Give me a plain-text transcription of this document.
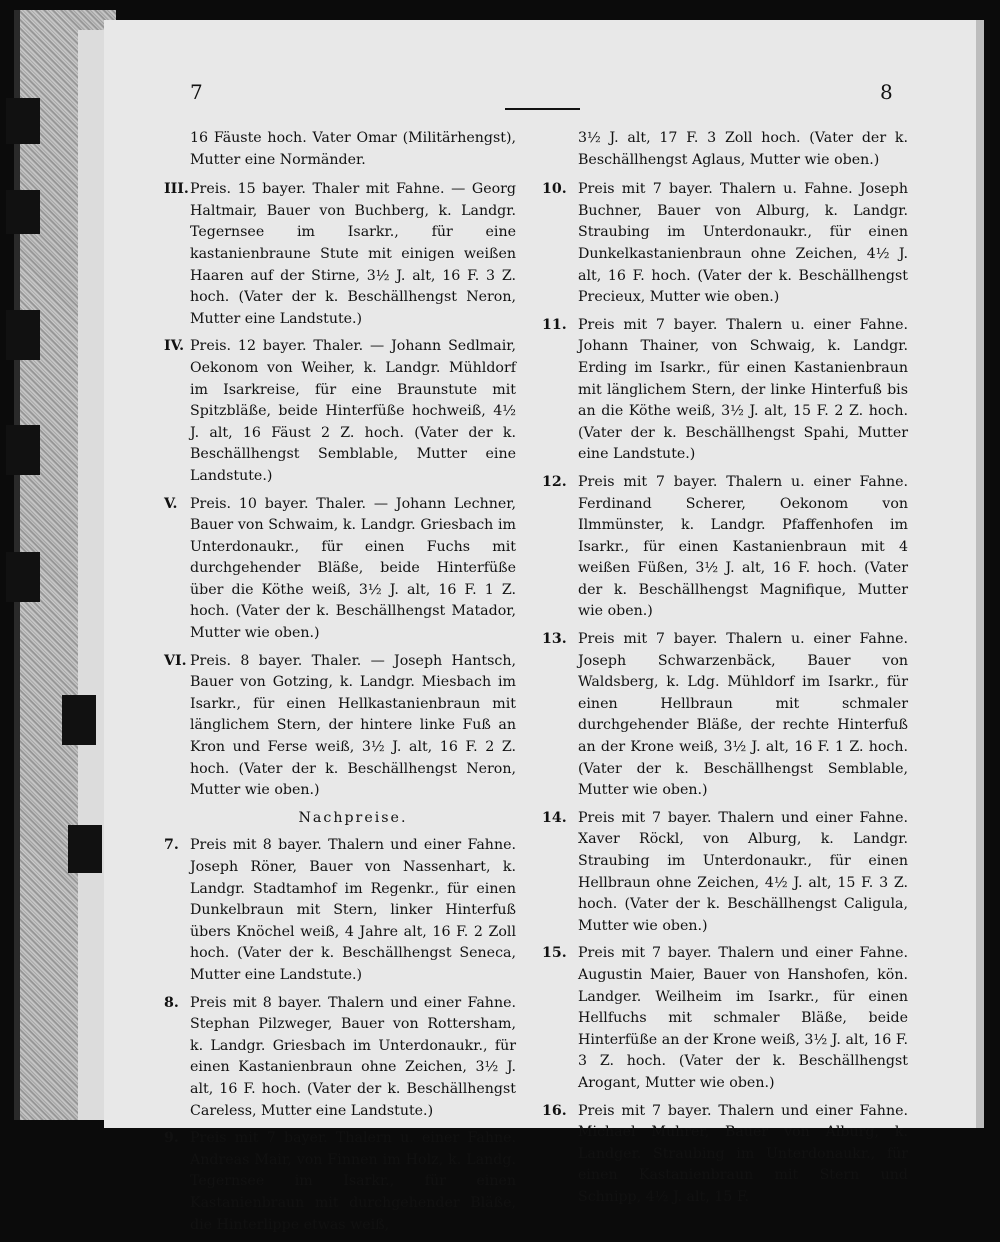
7	8
16 Fäuste hoch. Vater Omar (Militärhengst), Mutter eine Normänder.
III. Preis. 15 bayer. Thaler mit Fahne. — Georg Haltmair, Bauer von Buchberg, k. Landgr. Tegernsee im Isarkr., für eine kastanienbraune Stute mit einigen weißen Haaren auf der Stirne, 3½ J. alt, 16 F. 3 Z. hoch. (Vater der k. Beschällhengst Neron, Mutter eine Landstute.)
IV. Preis. 12 bayer. Thaler. — Johann Sedlmair, Oekonom von Weiher, k. Landgr. Mühldorf im Isarkreise, für eine Braunstute mit Spitzbläße, beide Hinterfüße hochweiß, 4½ J. alt, 16 Fäust 2 Z. hoch. (Vater der k. Beschällhengst Semblable, Mutter eine Landstute.)
V. Preis. 10 bayer. Thaler. — Johann Lechner, Bauer von Schwaim, k. Landgr. Griesbach im Unterdonaukr., für einen Fuchs mit durchgehender Bläße, beide Hinterfüße über die Köthe weiß, 3½ J. alt, 16 F. 1 Z. hoch. (Vater der k. Beschällhengst Matador, Mutter wie oben.)
VI. Preis. 8 bayer. Thaler. — Joseph Hantsch, Bauer von Gotzing, k. Landgr. Miesbach im Isarkr., für einen Hellkastanienbraun mit länglichem Stern, der hintere linke Fuß an Kron und Ferse weiß, 3½ J. alt, 16 F. 2 Z. hoch. (Vater der k. Beschällhengst Neron, Mutter wie oben.)
Nachpreise.
7. Preis mit 8 bayer. Thalern und einer Fahne. Joseph Röner, Bauer von Nassenhart, k. Landgr. Stadtamhof im Regenkr., für einen Dunkelbraun mit Stern, linker Hinterfuß übers Knöchel weiß, 4 Jahre alt, 16 F. 2 Zoll hoch. (Vater der k. Beschällhengst Seneca, Mutter eine Landstute.)
8. Preis mit 8 bayer. Thalern und einer Fahne. Stephan Pilzweger, Bauer von Rottersham, k. Landgr. Griesbach im Unterdonaukr., für einen Kastanienbraun ohne Zeichen, 3½ J. alt, 16 F. hoch. (Vater der k. Beschällhengst Careless, Mutter eine Landstute.)
9. Preis mit 7 bayer. Thalern u. einer Fahne. Andreas Mair, von Finnen im Holz, k. Landg. Tegernsee im Isarkr., für einen Kastanienbraun mit durchgehender Bläße, die Hinterlippe etwas weiß,
3½ J. alt, 17 F. 3 Zoll hoch. (Vater der k. Beschällhengst Aglaus, Mutter wie oben.)
10. Preis mit 7 bayer. Thalern u. Fahne. Joseph Buchner, Bauer von Alburg, k. Landgr. Straubing im Unterdonaukr., für einen Dunkelkastanienbraun ohne Zeichen, 4½ J. alt, 16 F. hoch. (Vater der k. Beschällhengst Precieux, Mutter wie oben.)
11. Preis mit 7 bayer. Thalern u. einer Fahne. Johann Thainer, von Schwaig, k. Landgr. Erding im Isarkr., für einen Kastanienbraun mit länglichem Stern, der linke Hinterfuß bis an die Köthe weiß, 3½ J. alt, 15 F. 2 Z. hoch. (Vater der k. Beschällhengst Spahi, Mutter eine Landstute.)
12. Preis mit 7 bayer. Thalern u. einer Fahne. Ferdinand Scherer, Oekonom von Ilmmünster, k. Landgr. Pfaffenhofen im Isarkr., für einen Kastanienbraun mit 4 weißen Füßen, 3½ J. alt, 16 F. hoch. (Vater der k. Beschällhengst Magnifique, Mutter wie oben.)
13. Preis mit 7 bayer. Thalern u. einer Fahne. Joseph Schwarzenbäck, Bauer von Waldsberg, k. Ldg. Mühldorf im Isarkr., für einen Hellbraun mit schmaler durchgehender Bläße, der rechte Hinterfuß an der Krone weiß, 3½ J. alt, 16 F. 1 Z. hoch. (Vater der k. Beschällhengst Semblable, Mutter wie oben.)
14. Preis mit 7 bayer. Thalern und einer Fahne. Xaver Röckl, von Alburg, k. Landgr. Straubing im Unterdonaukr., für einen Hellbraun ohne Zeichen, 4½ J. alt, 15 F. 3 Z. hoch. (Vater der k. Beschällhengst Caligula, Mutter wie oben.)
15. Preis mit 7 bayer. Thalern und einer Fahne. Augustin Maier, Bauer von Hanshofen, kön. Landger. Weilheim im Isarkr., für einen Hellfuchs mit schmaler Bläße, beide Hinterfüße an der Krone weiß, 3½ J. alt, 16 F. 3 Z. hoch. (Vater der k. Beschällhengst Arogant, Mutter wie oben.)
16. Preis mit 7 bayer. Thalern und einer Fahne. Michael Muhrer, Bauer von Alburg, k. Landger. Straubing im Unterdonaukr., für einen Kastanienbraun mit Stern und Schnipp, 4½ J. alt, 15 F.
